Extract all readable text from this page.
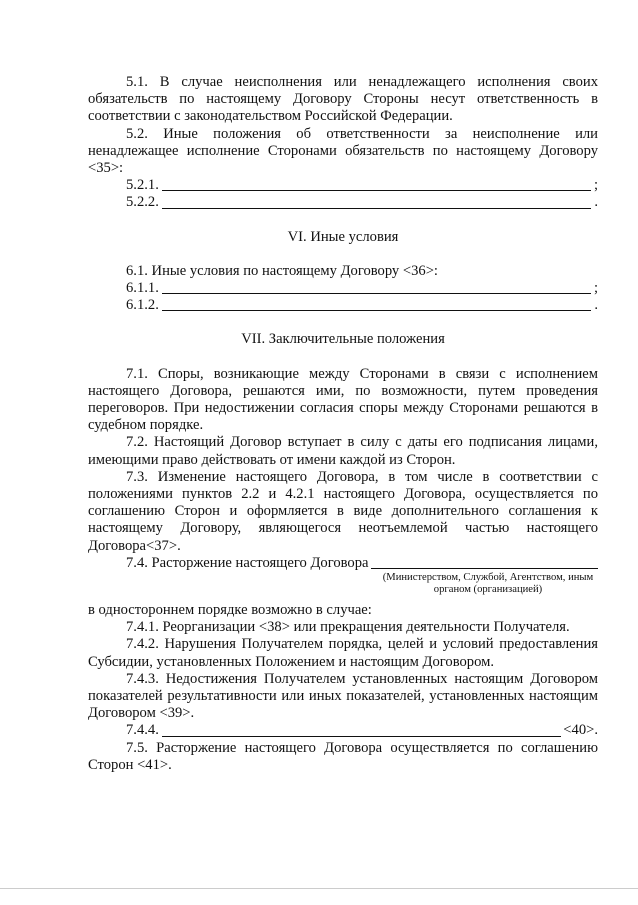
5.1. В случае неисполнения или ненадлежащего исполнения своих обязательств по настоящему Договору Стороны несут ответственность в соответствии с законодательством Российской Федерации.

5.2. Иные положения об ответственности за неисполнение или ненадлежащее исполнение Сторонами обязательств по настоящему Договору <35>:

5.2.1.	;
5.2.2.	.

VI. Иные условия

6.1. Иные условия по настоящему Договору <36>:

6.1.1.	;
6.1.2.	.

VII. Заключительные положения

7.1. Споры, возникающие между Сторонами в связи с исполнением настоящего Договора, решаются ими, по возможности, путем проведения переговоров. При недостижении согласия споры между Сторонами решаются в судебном порядке.

7.2. Настоящий Договор вступает в силу с даты его подписания лицами, имеющими право действовать от имени каждой из Сторон.

7.3. Изменение настоящего Договора, в том числе в соответствии с положениями пунктов 2.2 и 4.2.1 настоящего Договора, осуществляется по соглашению Сторон и оформляется в виде дополнительного соглашения к настоящему Договору, являющегося неотъемлемой частью настоящего Договора<37>.

7.4. Расторжение настоящего Договора
(Министерством, Службой, Агентством, иным органом (организацией)

в одностороннем порядке возможно в случае:

7.4.1. Реорганизации <38> или прекращения деятельности Получателя.

7.4.2. Нарушения Получателем порядка, целей и условий предоставления Субсидии, установленных Положением и настоящим Договором.

7.4.3. Недостижения Получателем установленных настоящим Договором показателей результативности или иных показателей, установленных настоящим Договором <39>.

7.4.4.	<40>.

7.5. Расторжение настоящего Договора осуществляется по соглашению Сторон <41>.
